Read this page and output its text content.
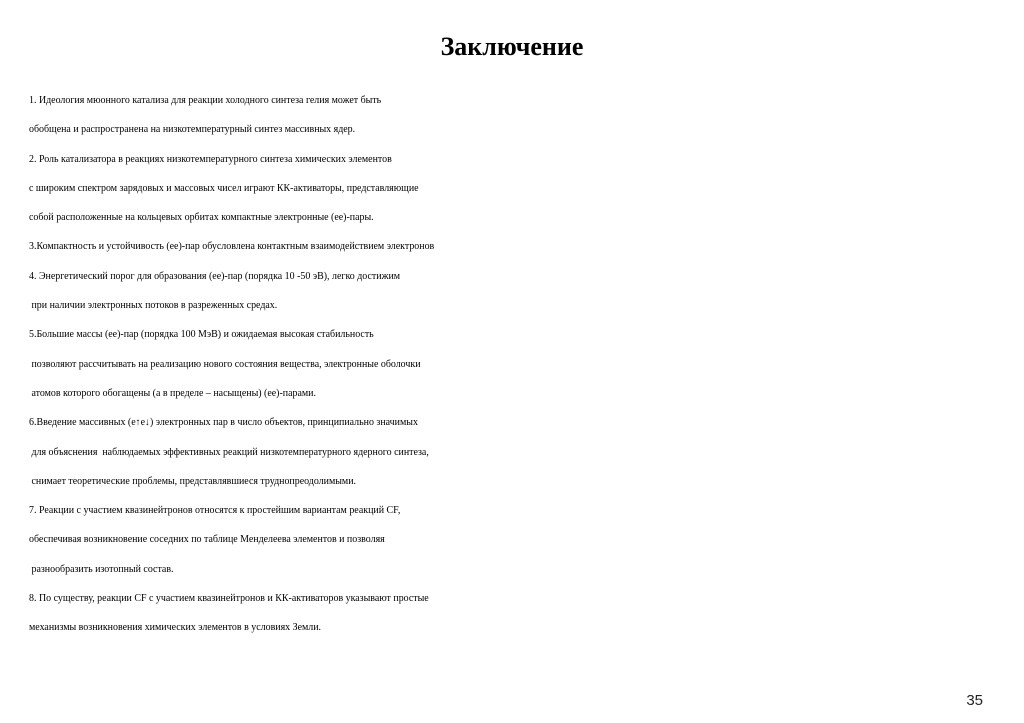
Заключение
1. Идеология мюонного катализа для реакции холодного синтеза гелия может быть
обобщена и распространена на низкотемпературный синтез массивных ядер.
2. Роль катализатора в реакциях низкотемпературного синтеза химических элементов
с широким спектром зарядовых и массовых чисел играют КК-активаторы, представляющие
собой расположенные на кольцевых орбитах компактные электронные (ee)-пары.
3.Компактность и устойчивость (ee)-пар обусловлена контактным взаимодействием электронов
4. Энергетический порог для образования (ee)-пар (порядка 10 -50 эВ), легко достижим
при наличии электронных потоков в разреженных средах.
5.Большие массы (ee)-пар (порядка 100 МэВ) и ожидаемая высокая стабильность
позволяют рассчитывать на реализацию нового состояния вещества, электронные оболочки
атомов которого обогащены (а в пределе – насыщены) (ee)-парами.
6.Введение массивных (e↑e↓) электронных пар в число объектов, принципиально значимых
для объяснения  наблюдаемых эффективных реакций низкотемпературного ядерного синтеза,
снимает теоретические проблемы, представлявшиеся труднопреодолимыми.
7. Реакции с участием квазинейтронов относятся к простейшим вариантам реакций CF,
обеспечивая возникновение соседних по таблице Менделеева элементов и позволяя
разнообразить изотопный состав.
8. По существу, реакции CF с участием квазинейтронов и КК-активаторов указывают простые
механизмы возникновения химических элементов в условиях Земли.
35
